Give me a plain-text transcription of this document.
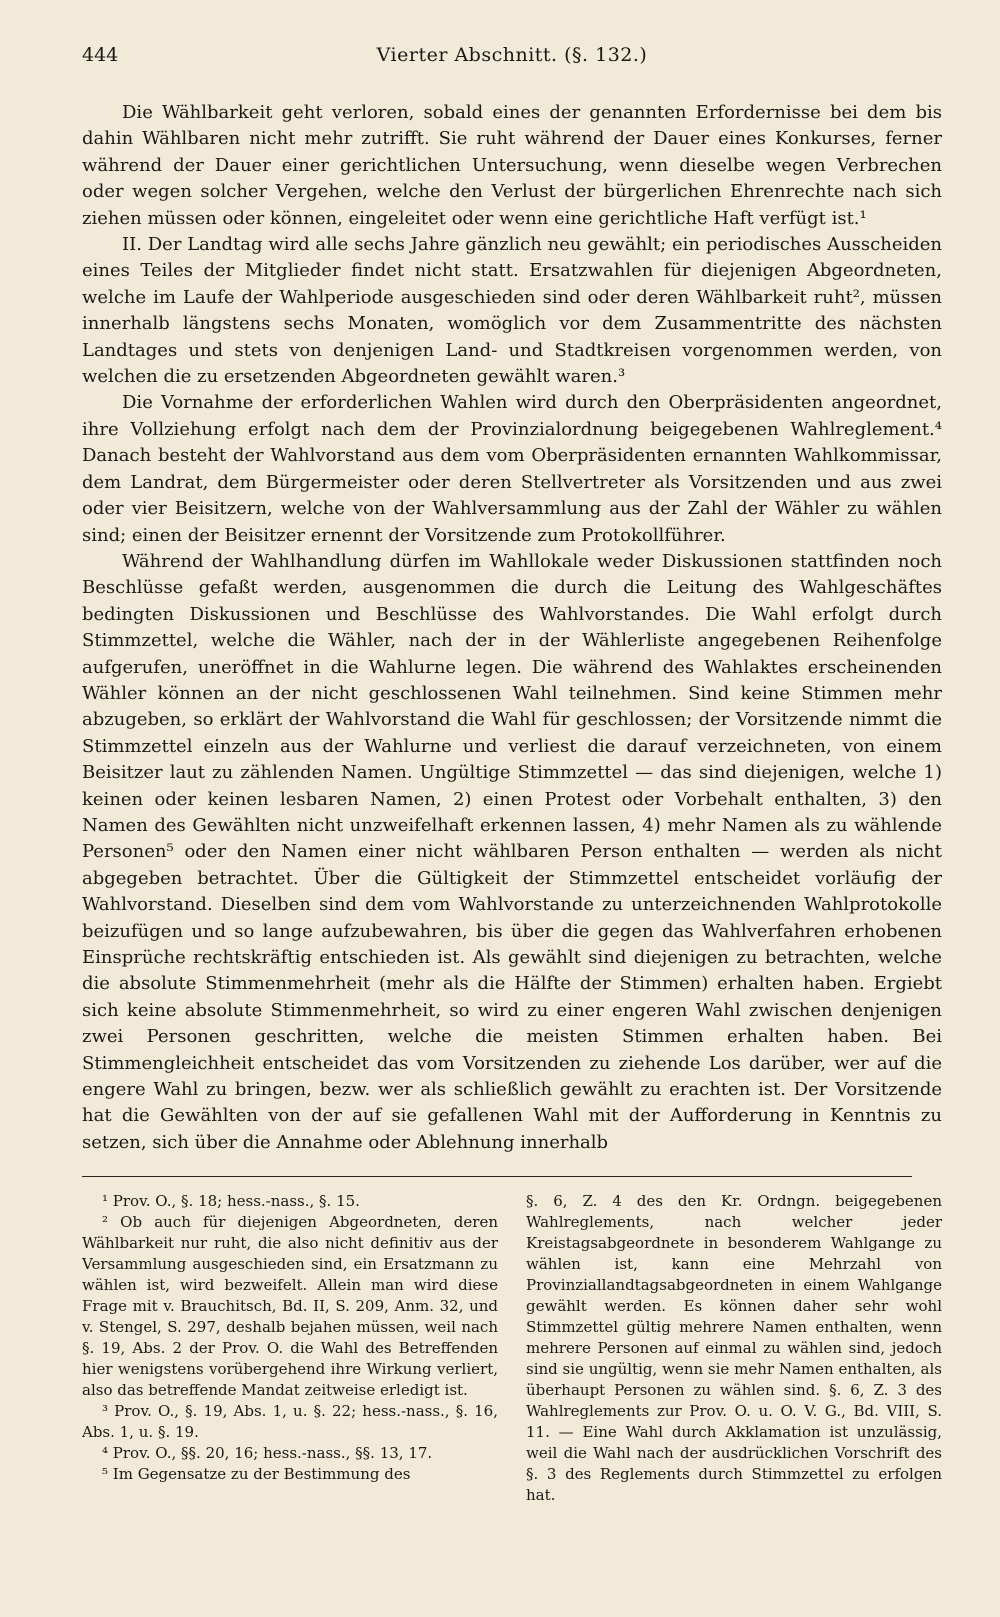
444	Vierter Abschnitt. (§. 132.)

Die Wählbarkeit geht verloren, sobald eines der genannten Erfordernisse bei dem bis dahin Wählbaren nicht mehr zutrifft. Sie ruht während der Dauer eines Konkurses, ferner während der Dauer einer gerichtlichen Untersuchung, wenn dieselbe wegen Verbrechen oder wegen solcher Vergehen, welche den Verlust der bürgerlichen Ehrenrechte nach sich ziehen müssen oder können, eingeleitet oder wenn eine gerichtliche Haft verfügt ist.¹

II. Der Landtag wird alle sechs Jahre gänzlich neu gewählt; ein periodisches Ausscheiden eines Teiles der Mitglieder findet nicht statt. Ersatzwahlen für diejenigen Abgeordneten, welche im Laufe der Wahlperiode ausgeschieden sind oder deren Wählbarkeit ruht², müssen innerhalb längstens sechs Monaten, womöglich vor dem Zusammentritte des nächsten Landtages und stets von denjenigen Land- und Stadtkreisen vorgenommen werden, von welchen die zu ersetzenden Abgeordneten gewählt waren.³

Die Vornahme der erforderlichen Wahlen wird durch den Oberpräsidenten angeordnet, ihre Vollziehung erfolgt nach dem der Provinzialordnung beigegebenen Wahlreglement.⁴ Danach besteht der Wahlvorstand aus dem vom Oberpräsidenten ernannten Wahlkommissar, dem Landrat, dem Bürgermeister oder deren Stellvertreter als Vorsitzenden und aus zwei oder vier Beisitzern, welche von der Wahlversammlung aus der Zahl der Wähler zu wählen sind; einen der Beisitzer ernennt der Vorsitzende zum Protokollführer.

Während der Wahlhandlung dürfen im Wahllokale weder Diskussionen stattfinden noch Beschlüsse gefaßt werden, ausgenommen die durch die Leitung des Wahlgeschäftes bedingten Diskussionen und Beschlüsse des Wahlvorstandes. Die Wahl erfolgt durch Stimmzettel, welche die Wähler, nach der in der Wählerliste angegebenen Reihenfolge aufgerufen, uneröffnet in die Wahlurne legen. Die während des Wahlaktes erscheinenden Wähler können an der nicht geschlossenen Wahl teilnehmen. Sind keine Stimmen mehr abzugeben, so erklärt der Wahlvorstand die Wahl für geschlossen; der Vorsitzende nimmt die Stimmzettel einzeln aus der Wahlurne und verliest die darauf verzeichneten, von einem Beisitzer laut zu zählenden Namen. Ungültige Stimmzettel — das sind diejenigen, welche 1) keinen oder keinen lesbaren Namen, 2) einen Protest oder Vorbehalt enthalten, 3) den Namen des Gewählten nicht unzweifelhaft erkennen lassen, 4) mehr Namen als zu wählende Personen⁵ oder den Namen einer nicht wählbaren Person enthalten — werden als nicht abgegeben betrachtet. Über die Gültigkeit der Stimmzettel entscheidet vorläufig der Wahlvorstand. Dieselben sind dem vom Wahlvorstande zu unterzeichnenden Wahlprotokolle beizufügen und so lange aufzubewahren, bis über die gegen das Wahlverfahren erhobenen Einsprüche rechtskräftig entschieden ist. Als gewählt sind diejenigen zu betrachten, welche die absolute Stimmenmehrheit (mehr als die Hälfte der Stimmen) erhalten haben. Ergiebt sich keine absolute Stimmenmehrheit, so wird zu einer engeren Wahl zwischen denjenigen zwei Personen geschritten, welche die meisten Stimmen erhalten haben. Bei Stimmengleichheit entscheidet das vom Vorsitzenden zu ziehende Los darüber, wer auf die engere Wahl zu bringen, bezw. wer als schließlich gewählt zu erachten ist. Der Vorsitzende hat die Gewählten von der auf sie gefallenen Wahl mit der Aufforderung in Kenntnis zu setzen, sich über die Annahme oder Ablehnung innerhalb

¹ Prov. O., §. 18; hess.-nass., §. 15.

² Ob auch für diejenigen Abgeordneten, deren Wählbarkeit nur ruht, die also nicht definitiv aus der Versammlung ausgeschieden sind, ein Ersatzmann zu wählen ist, wird bezweifelt. Allein man wird diese Frage mit v. Brauchitsch, Bd. II, S. 209, Anm. 32, und v. Stengel, S. 297, deshalb bejahen müssen, weil nach §. 19, Abs. 2 der Prov. O. die Wahl des Betreffenden hier wenigstens vorübergehend ihre Wirkung verliert, also das betreffende Mandat zeitweise erledigt ist.

³ Prov. O., §. 19, Abs. 1, u. §. 22; hess.-nass., §. 16, Abs. 1, u. §. 19.

⁴ Prov. O., §§. 20, 16; hess.-nass., §§. 13, 17.

⁵ Im Gegensatze zu der Bestimmung des

§. 6, Z. 4 des den Kr. Ordngn. beigegebenen Wahlreglements, nach welcher jeder Kreistagsabgeordnete in besonderem Wahlgange zu wählen ist, kann eine Mehrzahl von Provinziallandtagsabgeordneten in einem Wahlgange gewählt werden. Es können daher sehr wohl Stimmzettel gültig mehrere Namen enthalten, wenn mehrere Personen auf einmal zu wählen sind, jedoch sind sie ungültig, wenn sie mehr Namen enthalten, als überhaupt Personen zu wählen sind. §. 6, Z. 3 des Wahlreglements zur Prov. O. u. O. V. G., Bd. VIII, S. 11. — Eine Wahl durch Akklamation ist unzulässig, weil die Wahl nach der ausdrücklichen Vorschrift des §. 3 des Reglements durch Stimmzettel zu erfolgen hat.
